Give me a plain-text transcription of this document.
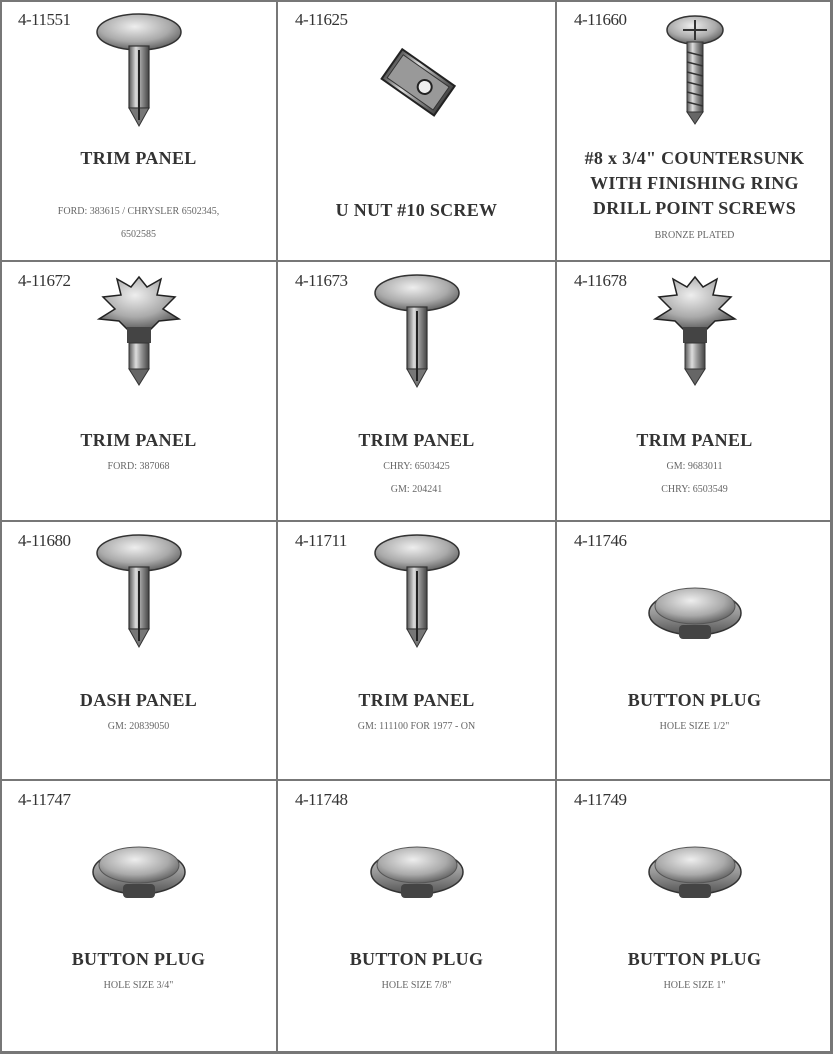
4-11551
TRIM PANEL
FORD: 383615 / CHRYSLER 6502345,
6502585
4-11625
U NUT #10 SCREW
4-11660
#8 x 3/4" COUNTERSUNK WITH FINISHING RING DRILL POINT SCREWS
BRONZE PLATED
4-11672
TRIM PANEL
FORD: 387068
4-11673
TRIM PANEL
CHRY: 6503425
GM: 204241
4-11678
TRIM PANEL
GM: 9683011
CHRY: 6503549
4-11680
DASH PANEL
GM: 20839050
4-11711
TRIM PANEL
GM: 111100 FOR 1977 - ON
4-11746
BUTTON PLUG
HOLE SIZE 1/2"
4-11747
BUTTON PLUG
HOLE SIZE 3/4"
4-11748
BUTTON PLUG
HOLE SIZE 7/8"
4-11749
BUTTON PLUG
HOLE SIZE 1"
